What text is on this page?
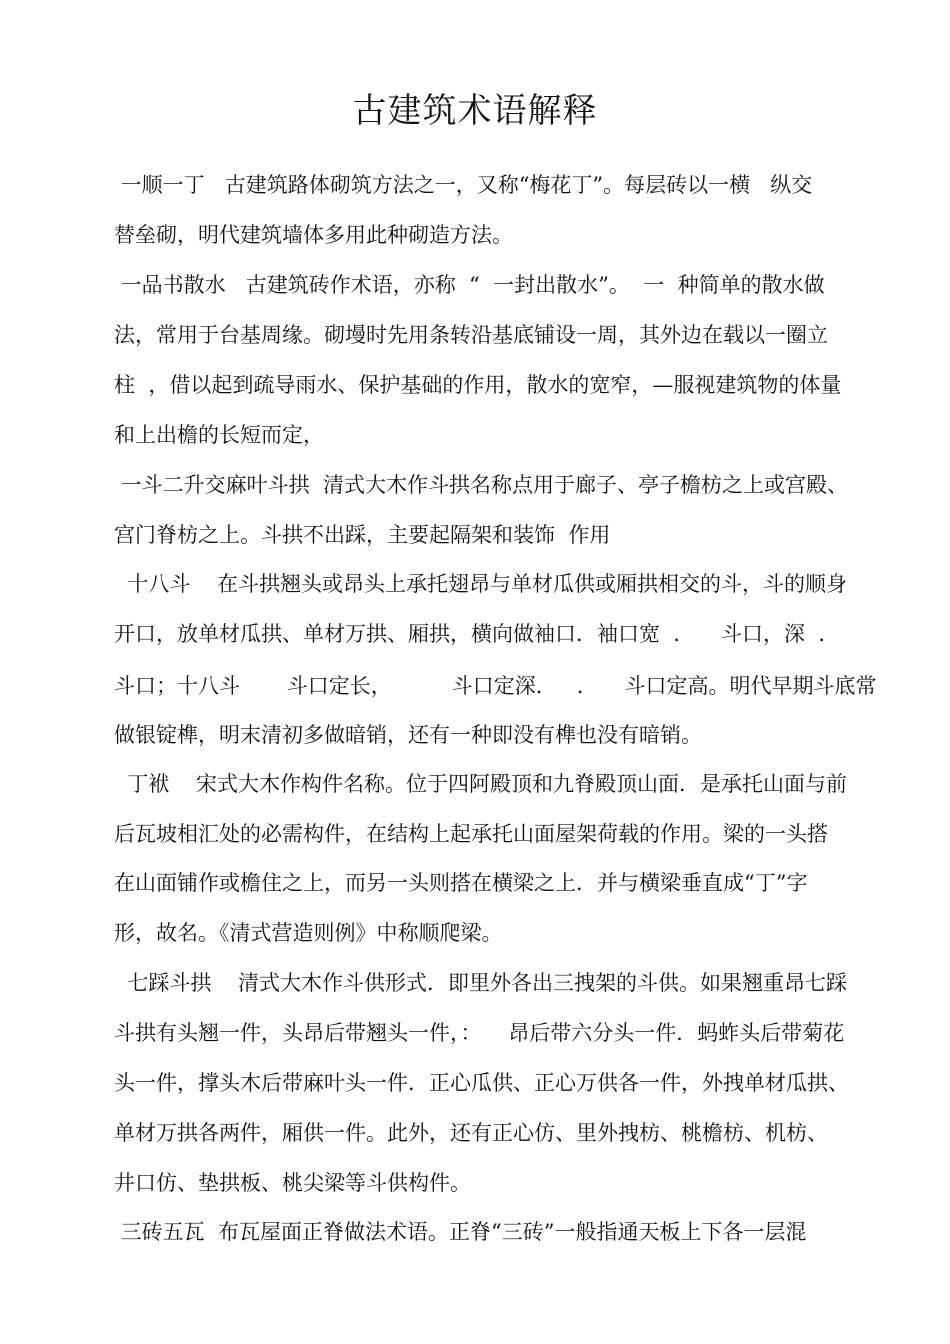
古建筑术语解释
一顺一丁   古建筑路体砌筑方法之一，又称“梅花丁”。每层砖以一横   纵交
替垒砌，明代建筑墙体多用此种砌造方法。
一品书散水   古建筑砖作术语，亦称  “  一封出散水”。  一  种简单的散水做
法，常用于台基周缘。砌墁时先用条转沿基底铺设一周，其外边在载以一圈立
柱  ，借以起到疏导雨水、保护基础的作用，散水的宽窄，—服视建筑物的体量
和上出檐的长短而定，
一斗二升交麻叶斗拱  清式大木作斗拱名称点用于廊子、亭子檐枋之上或宫殿、
宫门脊枋之上。斗拱不出踩，主要起隔架和装饰  作用
十八斗    在斗拱翘头或昂头上承托翅昂与单材瓜供或厢拱相交的斗，斗的顺身
开口，放单材瓜拱、单材万拱、厢拱，横向做袖口．袖口宽  ．    斗口，深  ．
斗口；十八斗       斗口定长，         斗口定深．   ．    斗口定高。明代早期斗底常
做银锭榫，明末清初多做暗销，还有一种即没有榫也没有暗销。
丁袱    宋式大木作构件名称。位于四阿殿顶和九脊殿顶山面．是承托山面与前
后瓦坡相汇处的必需构件，在结构上起承托山面屋架荷载的作用。梁的一头搭
在山面铺作或檐住之上，而另一头则搭在横梁之上．并与横梁垂直成“丁”字
形，故名。《清式营造则例》中称顺爬梁。
七踩斗拱    清式大木作斗供形式．即里外各出三拽架的斗供。如果翘重昂七踩
斗拱有头翘一件，头昂后带翘头一件，：    昂后带六分头一件．蚂蚱头后带菊花
头一件，撑头木后带麻叶头一件．正心瓜供、正心万供各一件，外拽单材瓜拱、
单材万拱各两件，厢供一件。此外，还有正心仿、里外拽枋、桃檐枋、机枋、
井口仿、垫拱板、桃尖梁等斗供构件。
三砖五瓦  布瓦屋面正脊做法术语。正脊“三砖”一般指通天板上下各一层混
